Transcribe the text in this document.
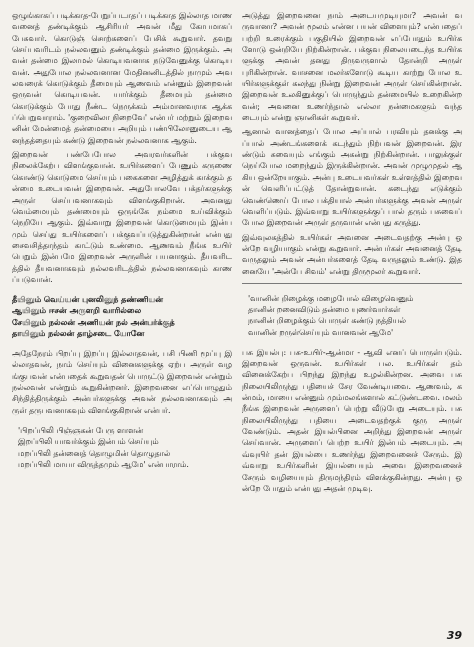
ஒழுங்காகப் படிக்காத-பேறுப்படாதப் படிக்காத இல்லாத மாணவனைத் தண்டிக்கும் ஆசிரியர் அவன் மீது கோபமாகப் பேசுவார். கொடுஞ் சொற்களைப் பேசிக் கூறுவார். தவறு செய்பவரிடம் நல்லவனும் தண்டிக்கும் தன்மை இருக்கும். அவன் தன்மை இலாமல் கொடியவனாக நடுவேனுக்கு கொடியவன். அதுபோல நல்லவனான மேதினனிடத்தில் நாமும் அவலவரைக் கொடுக்கும் தீமையும் ஆணவம் என்னும் இறைவன் ஒருவன் கொடியவன். யார்க்கும் தீமையும் தன்மை கொடுக்கும் போது நீண்ட நெருக்கம் அம்மானவராக ஆக்கப்பெறுவாராம். 'குறைவிலா நிறைவே' என்பர் மற்றும் இறைவனின் மேன்மைத் தன்மையை அறியும் பண்பிலோனுடைய ஆனந்தத்தையும் கண்டு இறைவன் நல்லவனாக ஆகும்.

இறைவன் பண்பேபோல அவரவர்களின் பக்குவ நிலைக்கேற்ப விளங்குவான். உயிர்களைப் பேணும் கருணை கொண்டு கொடுமை செய்யும் பகைகளை அழித்துக் காக்கும் தன்மை உடையவன் இறைவன். அதுபோலவே பக்தர்களுக்கு அருள் செய்பவனாகவும் விளங்குகிறான். அவனது வெம்மையும் தண்மையும் ஒருங்கே நம்மை உய்விக்கும் நெறியே ஆகும். இவ்வாறு இறைவன் கொடுமையும் இன்பமும் செய்து உயிர்களைப் பக்குவப்படுத்துகின்றான் என்பது சைவசித்தாந்தம் காட்டும் உண்மை. ஆணவம் நீங்க உயிர் பெறும் இன்பமே இறைவன் அருளின் பயனாகும். தீயவரிடத்தில் தீயவனாகவும் நல்லவரிடத்தில் நல்லவனாகவும் காணப்படுவான்.

தீயினும் வெய்யன் புனலினுந் தண்ணியன்

ஆயினும் ஈசன் அருளறி வாரில்லை

சேயினும் நல்லன் அணியன் நல் அன்பர்க்குத்

தாயினும் நல்லன் தாழ்சடை யோனே

அதேநேரம் பிறப்பு இறப்பு இல்லாதவன், பசி பிணி மூப்பு இல்லாதவன், நாம் செய்யும் வினைகளுக்கு ஏற்ப அருள் வழங்குபவன் என்பதைக் கூறுவதன் பொருட்டு இறைவன் என்றும் நல்லவன் என்றும் கூறுகின்றனர். இறைவனை எப்பொழுதும் சிந்தித்திருக்கும் அன்பர்களுக்கு அவன் நல்லவனாகவும் அருள் தருபவனாகவும் விளங்குகிறான் என்பர்.

'பிறப்பிலி பிஞ்ஞகன் பேரு ளாளன்

இறப்பிலி யாவர்க்கும் இன்பம் செய்யும்

மறப்பிலி தன்னைத் தொழுமின் தொழுதால்

மறப்பிலி மாயா விருத்தமும் ஆமே' என்பாராம்.

அடுத்து இறைவனை நாம் அடையமுடியுமா? அவன் வருவானா? அவன் மூலம் என்ன பயன் விளையும்? என்பதைப் பற்றி உரைக்கும் பகுதியில் இறைவன் எப்போதும் உயிர்களோடு ஒன்றியே நிற்கின்றான். பக்குவ நிலையடைந்த உயிர்களுக்கு அவன் தனது திருவருளால் தோன்றி அருள் புரிகின்றான். வாசனை மலர்களோடு கூடிய காற்று போல உயிர்களுக்குள் கலந்து நின்று இறைவன் அருள் செய்கின்றான். இறைவன் உலகினுக்குப் பொருந்தும் தன்மையில் உறைகின்றவன்; அவனை உணர்ந்தால் எல்லா நன்மைகளும் வந்தடையும் என்று ஞானிகள் கூறுவர்.

ஆனால் வானத்தைப் போல அப்பால் பரவியும் தனக்கு அப்பால் அண்டங்களைக் கடந்தும் நிற்பவன் இறைவன். இரண்டும் சுவையும் எங்கும் அகன்று நிற்கின்றான். பாலுக்குள் நெய்போல மறைந்தும் இருக்கின்றான். அவன் முழுமுதல் ஆகிய ஒன்றேயாகும். அன்பு உடையவர்கள் உள்ளத்தில் இறைவன் வெளிப்பட்டுத் தோன்றுவான். கடைந்து எடுக்கும் வெண்ணெய் போல பக்தியால் அன்பர்களுக்கு அவன் அருள் வெளிப்படும். இவ்வாறு உயிர்களுக்குப் பால் தரும் பசுவைப் போல இறைவன் அருள் தருவான் என்பது கருத்து.

இவ்வுலகத்தில் உயிர்கள் அவனை அடைவதற்கு அன்பு ஒன்றே வழியாகும் என்று கூறுவார். அன்பர்கள் அவனைத் தேடி வருதலும் அவன் அன்பர்களைத் தேடி வருதலும் உண்டு. இதனையே 'அன்பே சிவம்' என்று திருமூலர் கூறுவார்.

'வானின் றிழைக்கு மழைபோல் விழைவெனும்

தானின் றனைவிடும் தன்மை யுணர்வார்கள்

நானின் றிழைக்கும் பொருள் கண்டு நத்தியல்

வானின் றருள்செய்யும் வானவன் ஆமே'

பசு இயல்பு: பசு-உயிர்-ஆன்மா - ஆவி எனப் பொருள்படும். இறைவன் ஒருவன். உயிர்கள் பல. உயிர்கள் தம் வினைக்கேற்ப பிறந்து இறந்து உழல்கின்றன. அவை பசு நிலையிலிருந்து பதியைச் சேர வேண்டியவை. ஆணவம், கன்மம், மாயை என்னும் மும்மலங்களால் கட்டுண்டவை. மலம் நீங்க இறைவன் அருளைப் பெற்று வீடுபேறு அடையும். பசு நிலையிலிருந்து பதியை அடைவதற்குக் குரு அருள் வேண்டும். அதன் இயல்பினை அறிந்து இறைவன் அருள் செய்வான். அருளைப் பெற்ற உயிர் இன்பம் அடையும். அவ்வுயிர் தன் இயல்பை உணர்ந்து இறைவனைச் சேரும். இவ்வாறு உயிர்களின் இயல்பையும் அவை இறைவனைச் சேரும் வழியையும் திருமந்திரம் விளக்குகின்றது. அன்பு ஒன்றே போதும் என்பது அதன் முடிவு.

39
